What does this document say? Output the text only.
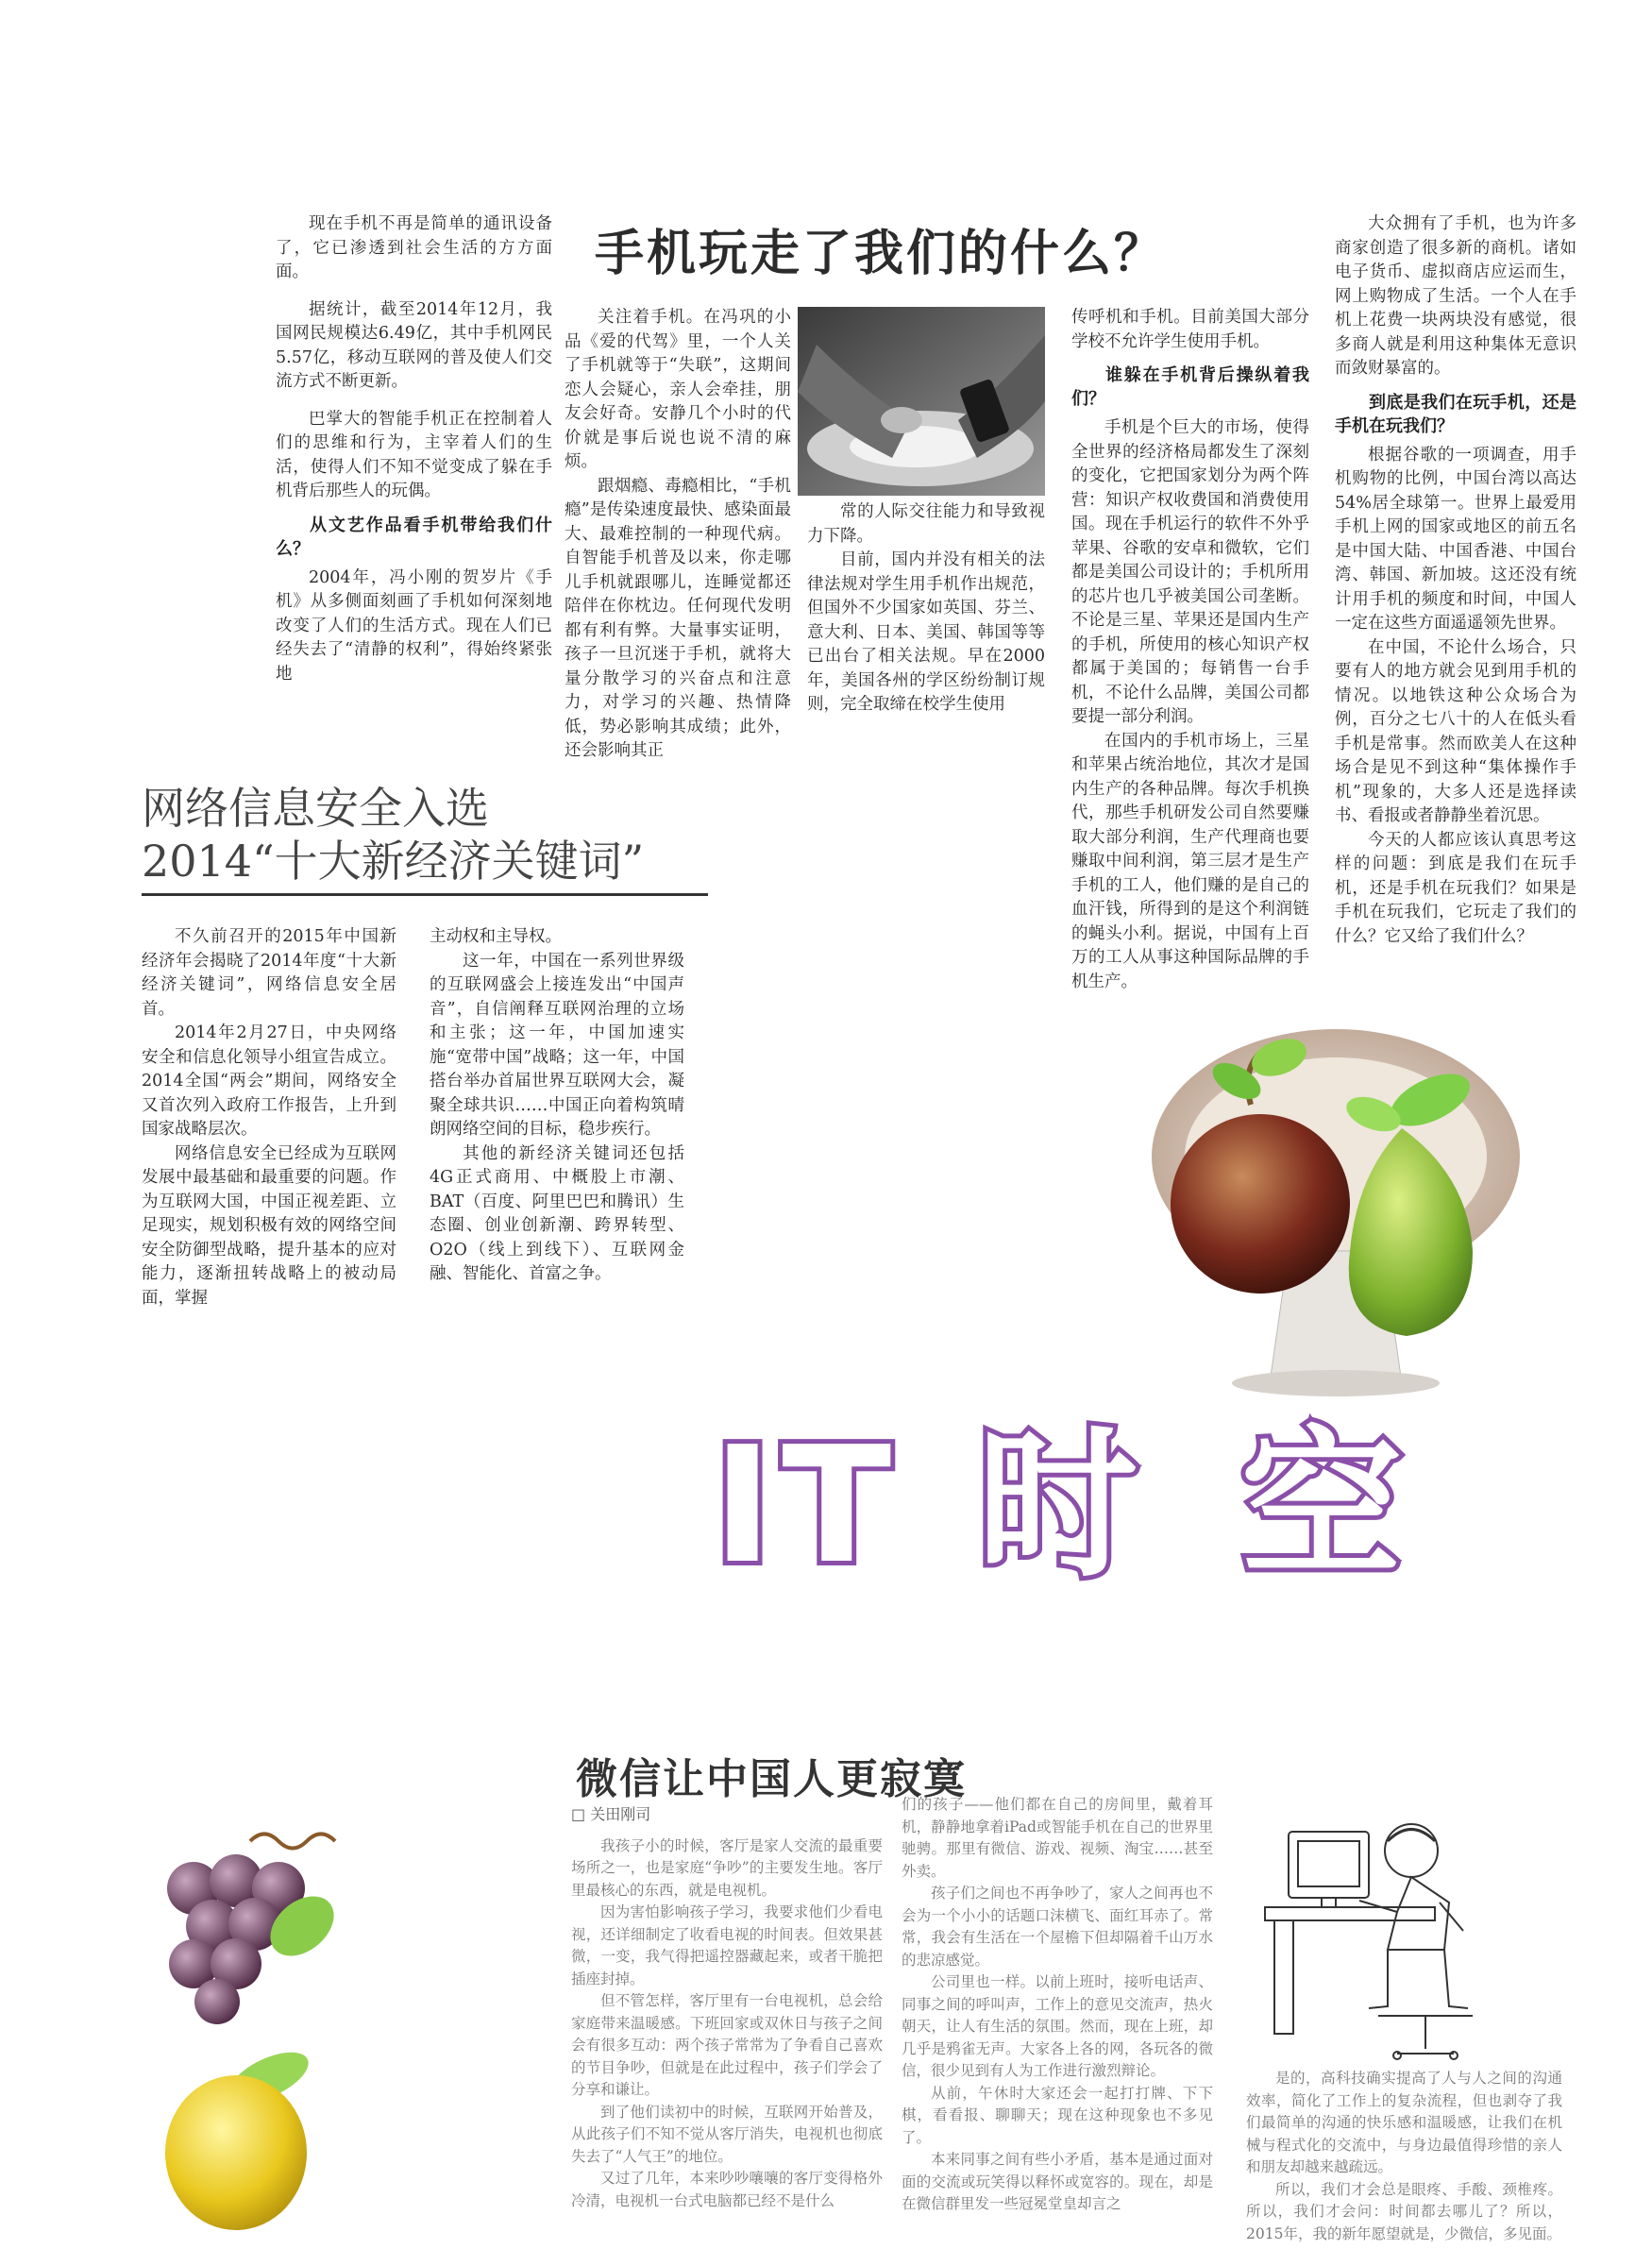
手机玩走了我们的什么？

现在手机不再是简单的通讯设备了，它已渗透到社会生活的方方面面。

据统计，截至2014年12月，我国网民规模达6.49亿，其中手机网民5.57亿，移动互联网的普及使人们交流方式不断更新。

巴掌大的智能手机正在控制着人们的思维和行为，主宰着人们的生活，使得人们不知不觉变成了躲在手机背后那些人的玩偶。

从文艺作品看手机带给我们什么？

2004年，冯小刚的贺岁片《手机》从多侧面刻画了手机如何深刻地改变了人们的生活方式。现在人们已经失去了“清静的权利”，得始终紧张地

关注着手机。在冯巩的小品《爱的代驾》里，一个人关了手机就等于“失联”，这期间恋人会疑心，亲人会牵挂，朋友会好奇。安静几个小时的代价就是事后说也说不清的麻烦。

跟烟瘾、毒瘾相比，“手机瘾”是传染速度最快、感染面最大、最难控制的一种现代病。自智能手机普及以来，你走哪儿手机就跟哪儿，连睡觉都还陪伴在你枕边。任何现代发明都有利有弊。大量事实证明，孩子一旦沉迷于手机，就将大量分散学习的兴奋点和注意力，对学习的兴趣、热情降低，势必影响其成绩；此外，还会影响其正

常的人际交往能力和导致视力下降。

目前，国内并没有相关的法律法规对学生用手机作出规范，但国外不少国家如英国、芬兰、意大利、日本、美国、韩国等等已出台了相关法规。早在2000年，美国各州的学区纷纷制订规则，完全取缔在校学生使用

传呼机和手机。目前美国大部分学校不允许学生使用手机。

谁躲在手机背后操纵着我们？

手机是个巨大的市场，使得全世界的经济格局都发生了深刻的变化，它把国家划分为两个阵营：知识产权收费国和消费使用国。现在手机运行的软件不外乎苹果、谷歌的安卓和微软，它们都是美国公司设计的；手机所用的芯片也几乎被美国公司垄断。不论是三星、苹果还是国内生产的手机，所使用的核心知识产权都属于美国的；每销售一台手机，不论什么品牌，美国公司都要提一部分利润。

在国内的手机市场上，三星和苹果占统治地位，其次才是国内生产的各种品牌。每次手机换代，那些手机研发公司自然要赚取大部分利润，生产代理商也要赚取中间利润，第三层才是生产手机的工人，他们赚的是自己的血汗钱，所得到的是这个利润链的蝇头小利。据说，中国有上百万的工人从事这种国际品牌的手机生产。

大众拥有了手机，也为许多商家创造了很多新的商机。诸如电子货币、虚拟商店应运而生，网上购物成了生活。一个人在手机上花费一块两块没有感觉，很多商人就是利用这种集体无意识而敛财暴富的。

到底是我们在玩手机，还是手机在玩我们？

根据谷歌的一项调查，用手机购物的比例，中国台湾以高达54%居全球第一。世界上最爱用手机上网的国家或地区的前五名是中国大陆、中国香港、中国台湾、韩国、新加坡。这还没有统计用手机的频度和时间，中国人一定在这些方面遥遥领先世界。

在中国，不论什么场合，只要有人的地方就会见到用手机的情况。以地铁这种公众场合为例，百分之七八十的人在低头看手机是常事。然而欧美人在这种场合是见不到这种“集体操作手机”现象的，大多人还是选择读书、看报或者静静坐着沉思。

今天的人都应该认真思考这样的问题：到底是我们在玩手机，还是手机在玩我们？如果是手机在玩我们，它玩走了我们的什么？它又给了我们什么？

网络信息安全入选
2014“十大新经济关键词”

不久前召开的2015年中国新经济年会揭晓了2014年度“十大新经济关键词”，网络信息安全居首。

2014年2月27日，中央网络安全和信息化领导小组宣告成立。2014全国“两会”期间，网络安全又首次列入政府工作报告，上升到国家战略层次。

网络信息安全已经成为互联网发展中最基础和最重要的问题。作为互联网大国，中国正视差距、立足现实，规划积极有效的网络空间安全防御型战略，提升基本的应对能力，逐渐扭转战略上的被动局面，掌握

主动权和主导权。

这一年，中国在一系列世界级的互联网盛会上接连发出“中国声音”，自信阐释互联网治理的立场和主张；这一年，中国加速实施“宽带中国”战略；这一年，中国搭台举办首届世界互联网大会，凝聚全球共识……中国正向着构筑晴朗网络空间的目标，稳步疾行。

其他的新经济关键词还包括4G正式商用、中概股上市潮、BAT（百度、阿里巴巴和腾讯）生态圈、创业创新潮、跨界转型、O2O（线上到线下）、互联网金融、智能化、首富之争。

IT 时 空
微信让中国人更寂寞
□ 关田刚司

我孩子小的时候，客厅是家人交流的最重要场所之一，也是家庭“争吵”的主要发生地。客厅里最核心的东西，就是电视机。

因为害怕影响孩子学习，我要求他们少看电视，还详细制定了收看电视的时间表。但效果甚微，一变，我气得把遥控器藏起来，或者干脆把插座封掉。

但不管怎样，客厅里有一台电视机，总会给家庭带来温暖感。下班回家或双休日与孩子之间会有很多互动：两个孩子常常为了争看自己喜欢的节目争吵，但就是在此过程中，孩子们学会了分享和谦让。

到了他们读初中的时候，互联网开始普及，从此孩子们不知不觉从客厅消失，电视机也彻底失去了“人气王”的地位。

又过了几年，本来吵吵嚷嚷的客厅变得格外冷清，电视机一台式电脑都已经不是什么

们的孩子——他们都在自己的房间里，戴着耳机，静静地拿着iPad或智能手机在自己的世界里驰骋。那里有微信、游戏、视频、淘宝……甚至外卖。

孩子们之间也不再争吵了，家人之间再也不会为一个小小的话题口沫横飞、面红耳赤了。常常，我会有生活在一个屋檐下但却隔着千山万水的悲凉感觉。

公司里也一样。以前上班时，接听电话声、同事之间的呼叫声，工作上的意见交流声，热火朝天，让人有生活的氛围。然而，现在上班，却几乎是鸦雀无声。大家各上各的网，各玩各的微信，很少见到有人为工作进行激烈辩论。

从前，午休时大家还会一起打打牌、下下棋，看看报、聊聊天；现在这种现象也不多见了。

本来同事之间有些小矛盾，基本是通过面对面的交流或玩笑得以释怀或宽容的。现在，却是在微信群里发一些冠冕堂皇却言之

是的，高科技确实提高了人与人之间的沟通效率，简化了工作上的复杂流程，但也剥夺了我们最简单的沟通的快乐感和温暖感，让我们在机械与程式化的交流中，与身边最值得珍惜的亲人和朋友却越来越疏远。

所以，我们才会总是眼疼、手酸、颈椎疼。所以，我们才会问：时间都去哪儿了？所以，2015年，我的新年愿望就是，少微信，多见面。
